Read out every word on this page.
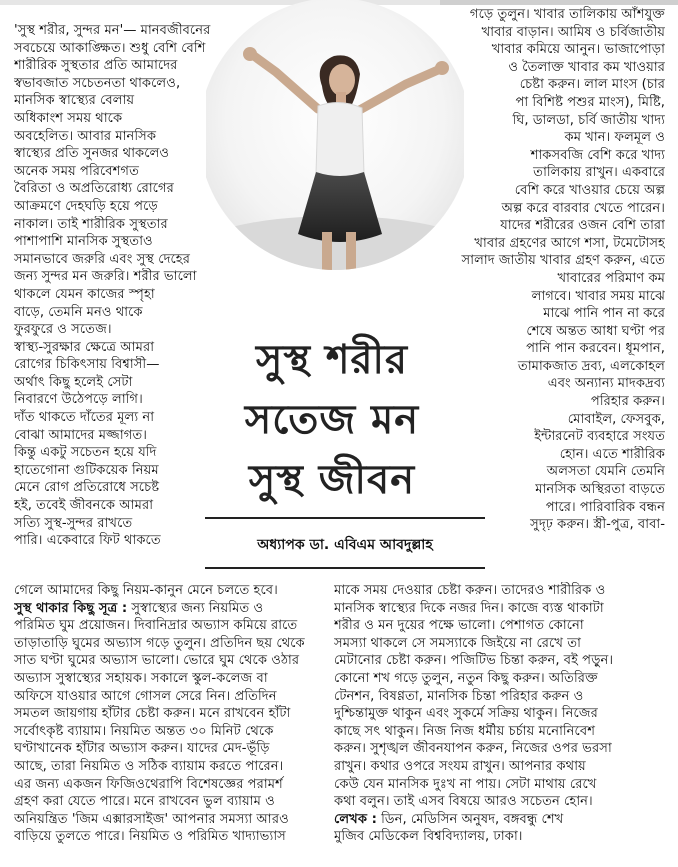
'সুস্থ শরীর, সুন্দর মন'— মানবজীবনের
সবচেয়ে আকাঙ্ক্ষিত। শুধু বেশি বেশি
শারীরিক সুস্থতার প্রতি আমাদের
স্বভাবজাত সচেতনতা থাকলেও,
মানসিক স্বাস্থ্যের বেলায়
অধিকাংশ সময় থাকে
অবহেলিত। আবার মানসিক
স্বাস্থ্যের প্রতি সুনজর থাকলেও
অনেক সময় পরিবেশগত
বৈরিতা ও অপ্রতিরোধ্য রোগের
আক্রমণে দেহঘড়ি হয়ে পড়ে
নাকাল। তাই শারীরিক সুস্থতার
পাশাপাশি মানসিক সুস্থতাও
সমানভাবে জরুরি এবং সুস্থ দেহের
জন্য সুন্দর মন জরুরি। শরীর ভালো
থাকলে যেমন কাজের স্পৃহা
বাড়ে, তেমনি মনও থাকে
ফুরফুরে ও সতেজ।
স্বাস্থ্য-সুরক্ষার ক্ষেত্রে আমরা
রোগের চিকিৎসায় বিশ্বাসী—
অর্থাৎ কিছু হলেই সেটা
নিবারণে উঠেপড়ে লাগি।
দাঁত থাকতে দাঁতের মূল্য না
বোঝা আমাদের মজ্জাগত।
কিন্তু একটু সচেতন হয়ে যদি
হাতেগোনা গুটিকয়েক নিয়ম
মেনে রোগ প্রতিরোধে সচেষ্ট
হই, তবেই জীবনকে আমরা
সত্যি সুস্থ-সুন্দর রাখতে
পারি। একেবারে ফিট থাকতে
সুস্থ শরীর
সতেজ মন
সুস্থ জীবন
অধ্যাপক ডা. এবিএম আবদুল্লাহ
গড়ে তুলুন। খাবার তালিকায় আঁশযুক্ত
খাবার বাড়ান। আমিষ ও চর্বিজাতীয়
খাবার কমিয়ে আনুন। ভাজাপোড়া
ও তৈলাক্ত খাবার কম খাওয়ার
চেষ্টা করুন। লাল মাংস (চার
পা বিশিষ্ট পশুর মাংস), মিষ্টি,
ঘি, ডালডা, চর্বি জাতীয় খাদ্য
কম খান। ফলমূল ও
শাকসবজি বেশি করে খাদ্য
তালিকায় রাখুন। একবারে
বেশি করে খাওয়ার চেয়ে অল্প
অল্প করে বারবার খেতে পারেন।
যাদের শরীরের ওজন বেশি তারা
খাবার গ্রহণের আগে শসা, টমেটোসহ
সালাদ জাতীয় খাবার গ্রহণ করুন, এতে
খাবারের পরিমাণ কম
লাগবে। খাবার সময় মাঝে
মাঝে পানি পান না করে
শেষে অন্তত আধা ঘণ্টা পর
পানি পান করবেন। ধূমপান,
তামাকজাত দ্রব্য, এলকোহল
এবং অন্যান্য মাদকদ্রব্য
পরিহার করুন।
মোবাইল, ফেসবুক,
ইন্টারনেট ব্যবহারে সংযত
হোন। এতে শারীরিক
অলসতা যেমনি তেমনি
মানসিক অস্থিরতা বাড়তে
পারে। পারিবারিক বন্ধন
সুদৃঢ় করুন। স্ত্রী-পুত্র, বাবা-
গেলে আমাদের কিছু নিয়ম-কানুন মেনে চলতে হবে।
সুস্থ থাকার কিছু সূত্র : সুস্বাস্থ্যের জন্য নিয়মিত ও
পরিমিত ঘুম প্রয়োজন। দিবানিদ্রার অভ্যাস কমিয়ে রাতে
তাড়াতাড়ি ঘুমের অভ্যাস গড়ে তুলুন। প্রতিদিন ছয় থেকে
সাত ঘণ্টা ঘুমের অভ্যাস ভালো। ভোরে ঘুম থেকে ওঠার
অভ্যাস সুস্বাস্থ্যের সহায়ক। সকালে স্কুল-কলেজ বা
অফিসে যাওয়ার আগে গোসল সেরে নিন। প্রতিদিন
সমতল জায়গায় হাঁটার চেষ্টা করুন। মনে রাখবেন হাঁটা
সর্বোৎকৃষ্ট ব্যায়াম। নিয়মিত অন্তত ৩০ মিনিট থেকে
ঘণ্টাখানেক হাঁটার অভ্যাস করুন। যাদের মেদ-ভূঁড়ি
আছে, তারা নিয়মিত ও সঠিক ব্যায়াম করতে পারেন।
এর জন্য একজন ফিজিওথেরাপি বিশেষজ্ঞের পরামর্শ
গ্রহণ করা যেতে পারে। মনে রাখবেন ভুল ব্যায়াম ও
অনিয়ন্ত্রিত 'জিম এক্সারসাইজ' আপনার সমস্যা আরও
বাড়িয়ে তুলতে পারে। নিয়মিত ও পরিমিত খাদ্যাভ্যাস
মাকে সময় দেওয়ার চেষ্টা করুন। তাদেরও শারীরিক ও
মানসিক স্বাস্থ্যের দিকে নজর দিন। কাজে ব্যস্ত থাকাটা
শরীর ও মন দুয়ের পক্ষে ভালো। পেশাগত কোনো
সমস্যা থাকলে সে সমস্যাকে জিইয়ে না রেখে তা
মেটানোর চেষ্টা করুন। পজিটিভ চিন্তা করুন, বই পড়ুন।
কোনো শখ গড়ে তুলুন, নতুন কিছু করুন। অতিরিক্ত
টেনশন, বিষণ্ণতা, মানসিক চিন্তা পরিহার করুন ও
দুশ্চিন্তামুক্ত থাকুন এবং সুকর্মে সক্রিয় থাকুন। নিজের
কাছে সৎ থাকুন। নিজ নিজ ধর্মীয় চর্চায় মনোনিবেশ
করুন। সুশৃঙ্খল জীবনযাপন করুন, নিজের ওপর ভরসা
রাখুন। কথার ওপরে সংযম রাখুন। আপনার কথায়
কেউ যেন মানসিক দুঃখ না পায়। সেটা মাথায় রেখে
কথা বলুন। তাই এসব বিষয়ে আরও সচেতন হোন।
লেখক : ডিন, মেডিসিন অনুষদ, বঙ্গবন্ধু শেখ
মুজিব মেডিকেল বিশ্ববিদ্যালয়, ঢাকা।
